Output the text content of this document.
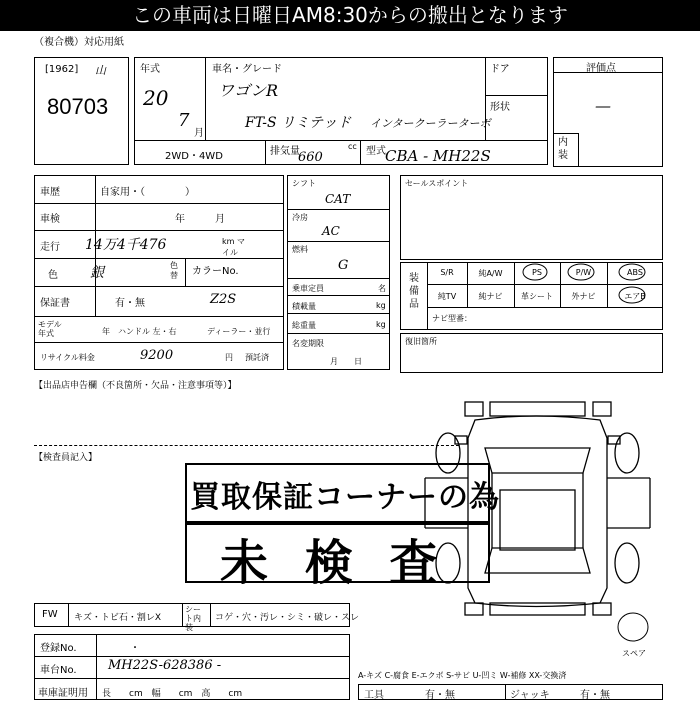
この車両は日曜日AM8:30からの搬出となります
（複合機）対応用紙
[1962] 山
80703
年式
20
7
月
車名・グレード
ワゴンR
FT-S リミテッド インタークーラーターボ
ドア
形状
2WD・4WD	排気量	cc
660	型式 CBA - MH22S
評価点
—
内装
車歴	自家用・（　　　　）
車検	年　　　月
走行 14万4千476	km マイル
色 銀	色替 カラーNo.
保証書	有・無	Z2S
モデル年式	年 ハンドル 左・右	ディーラー・並行
リサイクル料金	9200	円 預託済
シフト
CAT
冷房
AC
燃料
G
乗車定員	名
積載量	kg
総重量	kg
名変期限
月　　日
セールスポイント
装備品
S/R	純A/W	PS	P/W	ABS
純TV	純ナビ	革シート	外ナビ	エアB
ナビ型番：
復旧箇所
【出品店申告欄（不良箇所・欠品・注意事項等）】
【検査員記入】
買取保証コーナーの為
未 検 査
FW キズ・トビ石・割レX
シート内装
コゲ・穴・汚レ・シミ・破レ・スレ
登録No.	・
車台No. MH22S-628386 -
車庫証明用 長　　cm　幅　　cm　高　　cm
スペア
A-キズ C-腐食 E-エクボ S-サビ U-凹ミ W-補修 XX-交換済
工具	有・無	ジャッキ	有・無
